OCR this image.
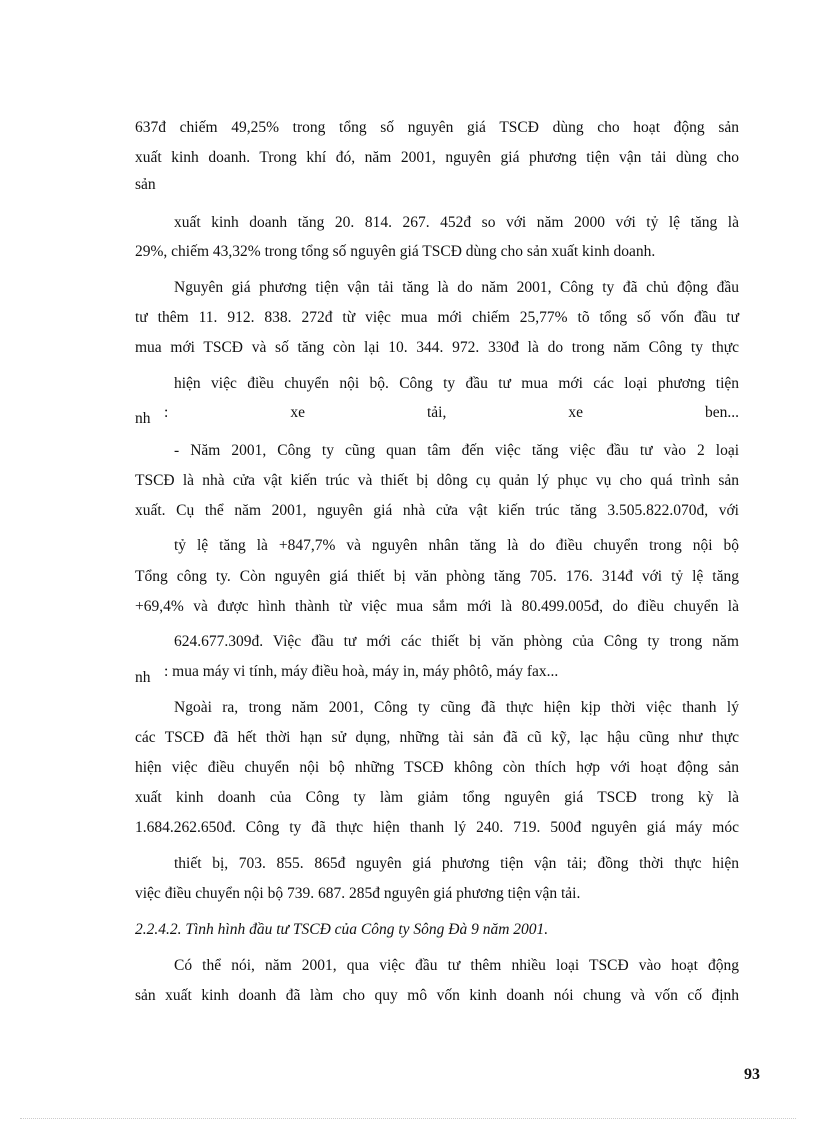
637đ chiếm 49,25% trong tổng số nguyên giá TSCĐ dùng cho hoạt động sản
xuất kinh doanh. Trong khí đó, năm 2001, nguyên giá phương tiện vận tải dùng cho
sản
xuất kinh doanh tăng 20. 814. 267. 452đ so với năm 2000 với tỷ lệ tăng là
29%, chiếm 43,32% trong tổng số nguyên giá TSCĐ dùng cho sản xuất kinh doanh.
Nguyên giá phương tiện vận tải tăng là do năm 2001, Công ty đã chủ động đầu
tư thêm 11. 912. 838. 272đ từ việc mua mới chiếm 25,77% tõ tổng số vốn đầu tư
mua mới TSCĐ và số tăng còn lại 10. 344. 972. 330đ là do trong năm Công ty thực
hiện việc điều chuyển nội bộ. Công ty đầu tư mua mới các loại phương tiện
nh : xe tải, xe ben...
- Năm 2001, Công ty cũng quan tâm đến việc tăng việc đầu tư vào 2 loại
TSCĐ là nhà cửa vật kiến trúc và thiết bị dông cụ quản lý phục vụ cho quá trình sản
xuất. Cụ thể năm 2001, nguyên giá nhà cửa vật kiến trúc tăng 3.505.822.070đ, với
tỷ lệ tăng là +847,7% và nguyên nhân tăng là do điều chuyển trong nội bộ
Tổng công ty. Còn nguyên giá thiết bị văn phòng tăng 705. 176. 314đ với tỷ lệ tăng
+69,4% và được hình thành từ việc mua sắm mới là 80.499.005đ, do điều chuyển là
624.677.309đ. Việc đầu tư mới các thiết bị văn phòng của Công ty trong năm
nh : mua máy vi tính, máy điều hoà, máy in, máy phôtô, máy fax...
Ngoài ra, trong năm 2001, Công ty cũng đã thực hiện kịp thời việc thanh lý
các TSCĐ đã hết thời hạn sử dụng, những tài sản đã cũ kỹ, lạc hậu cũng như thực
hiện việc điều chuyển nội bộ những TSCĐ không còn thích hợp với hoạt động sản
xuất kinh doanh của Công ty làm giảm tổng nguyên giá TSCĐ trong kỳ là
1.684.262.650đ. Công ty đã thực hiện thanh lý 240. 719. 500đ nguyên giá máy móc
thiết bị, 703. 855. 865đ nguyên giá phương tiện vận tải; đồng thời thực hiện
việc điều chuyển nội bộ 739. 687. 285đ nguyên giá phương tiện vận tải.
2.2.4.2. Tình hình đầu tư TSCĐ của Công ty Sông Đà 9 năm 2001.
Có thể nói, năm 2001, qua việc đầu tư thêm nhiều loại TSCĐ vào hoạt động
sản xuất kinh doanh đã làm cho quy mô vốn kinh doanh nói chung và vốn cố định
93
